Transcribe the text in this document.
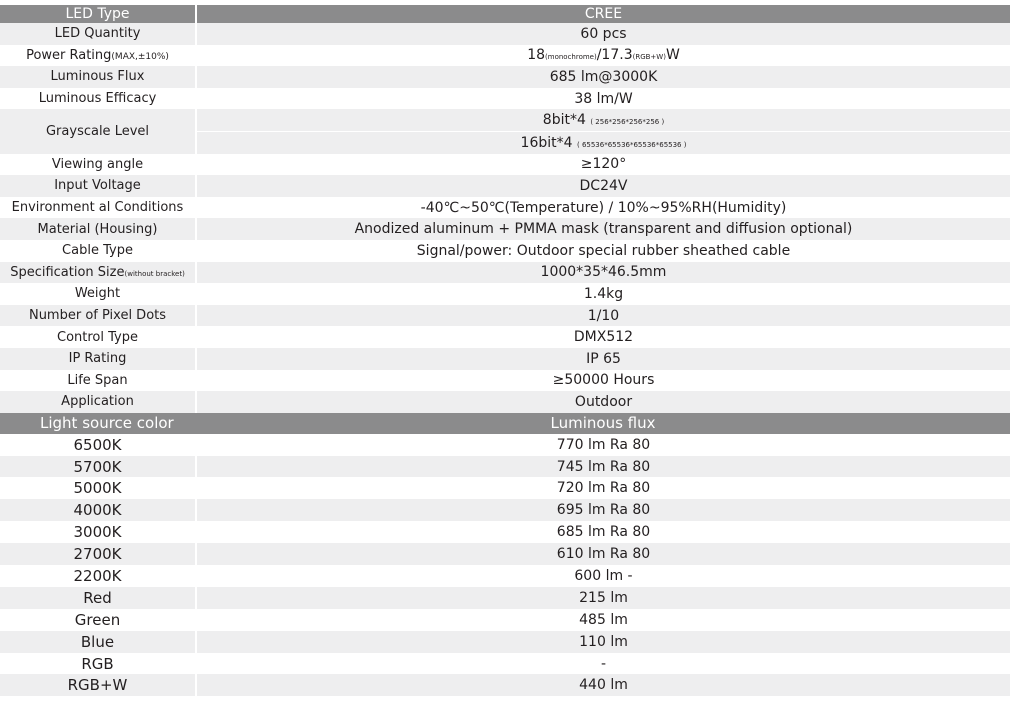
LED Type	CREE
LED Quantity	60 pcs
Power Rating(MAX,±10%)	18(monochrome)/17.3(RGB+W)W
Luminous Flux	685 lm@3000K
Luminous Efficacy	38 lm/W
Grayscale Level	8bit*4 ( 256*256*256*256 )
	16bit*4 ( 65536*65536*65536*65536 )
Viewing angle	≥120°
Input Voltage	DC24V
Environment al Conditions	-40℃~50℃(Temperature) / 10%~95%RH(Humidity)
Material (Housing)	Anodized aluminum + PMMA mask (transparent and diffusion optional)
Cable Type	Signal/power: Outdoor special rubber sheathed cable
Specification Size(without bracket)	1000*35*46.5mm
Weight	1.4kg
Number of Pixel Dots	1/10
Control Type	DMX512
IP Rating	IP 65
Life Span	≥50000 Hours
Application	Outdoor
Light source color	Luminous flux
6500K	770 lm Ra 80
5700K	745 lm Ra 80
5000K	720 lm Ra 80
4000K	695 lm Ra 80
3000K	685 lm Ra 80
2700K	610 lm Ra 80
2200K	600 lm -
Red	215 lm
Green	485 lm
Blue	110 lm
RGB	-
RGB+W	440 lm
